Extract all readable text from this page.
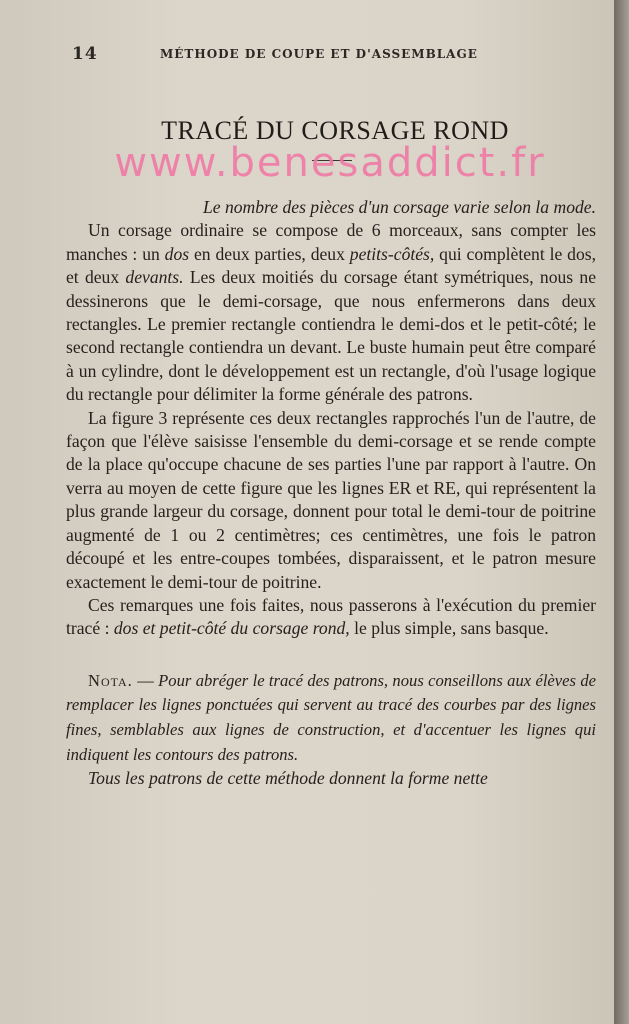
14	MÉTHODE DE COUPE ET D'ASSEMBLAGE
TRACÉ DU CORSAGE ROND
www.benesaddict.fr

Le nombre des pièces d'un corsage varie selon la mode.

Un corsage ordinaire se compose de 6 morceaux, sans compter les manches : un dos en deux parties, deux petits-côtés, qui complètent le dos, et deux devants. Les deux moitiés du corsage étant symétriques, nous ne dessinerons que le demi-corsage, que nous enfermerons dans deux rectangles. Le premier rectangle contiendra le demi-dos et le petit-côté; le second rectangle contiendra un devant. Le buste humain peut être comparé à un cylindre, dont le développement est un rectangle, d'où l'usage logique du rectangle pour délimiter la forme générale des patrons.

La figure 3 représente ces deux rectangles rapprochés l'un de l'autre, de façon que l'élève saisisse l'ensemble du demi-corsage et se rende compte de la place qu'occupe chacune de ses parties l'une par rapport à l'autre. On verra au moyen de cette figure que les lignes ER et RE, qui représentent la plus grande largeur du corsage, donnent pour total le demi-tour de poitrine augmenté de 1 ou 2 centimètres; ces centimètres, une fois le patron découpé et les entre-coupes tombées, disparaissent, et le patron mesure exactement le demi-tour de poitrine.

Ces remarques une fois faites, nous passerons à l'exécution du premier tracé : dos et petit-côté du corsage rond, le plus simple, sans basque.

Nota. — Pour abréger le tracé des patrons, nous conseillons aux élèves de remplacer les lignes ponctuées qui servent au tracé des courbes par des lignes fines, semblables aux lignes de construction, et d'accentuer les lignes qui indiquent les contours des patrons.

Tous les patrons de cette méthode donnent la forme nette
